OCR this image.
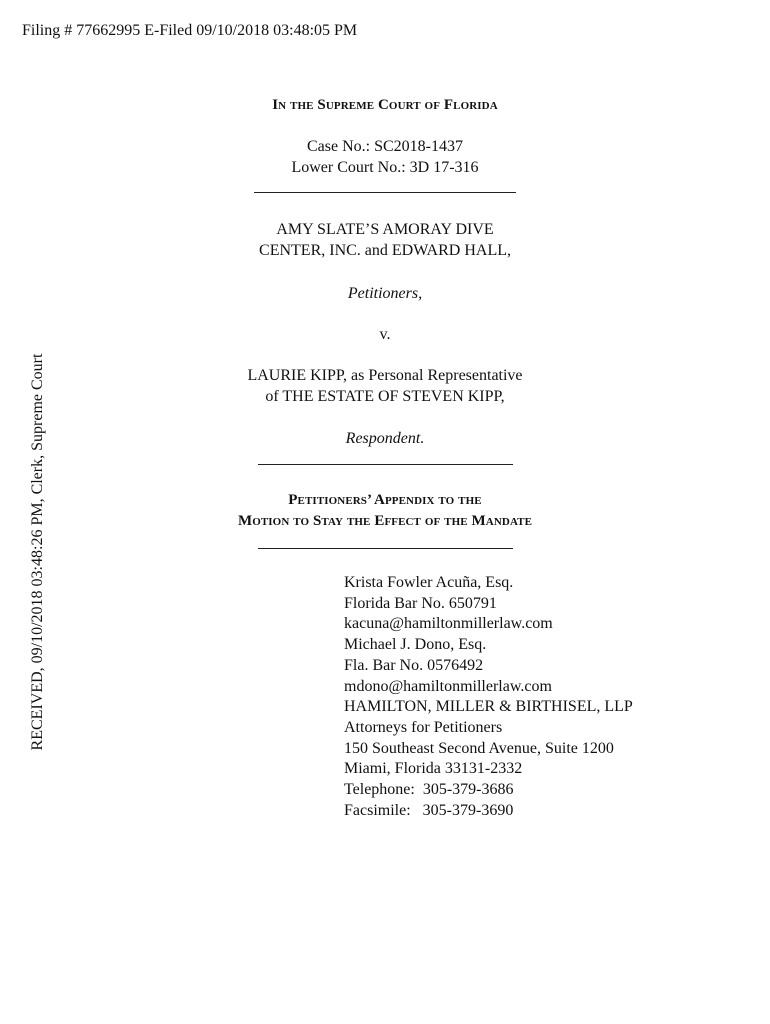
Filing # 77662995 E-Filed 09/10/2018 03:48:05 PM
RECEIVED, 09/10/2018 03:48:26 PM, Clerk, Supreme Court
In the Supreme Court of Florida
Case No.: SC2018-1437
Lower Court No.: 3D 17-316
AMY SLATE’S AMORAY DIVE
CENTER, INC. and EDWARD HALL,
Petitioners,
v.
LAURIE KIPP, as Personal Representative
of THE ESTATE OF STEVEN KIPP,
Respondent.
Petitioners’ Appendix to the
Motion to Stay the Effect of the Mandate
Krista Fowler Acuña, Esq.
Florida Bar No. 650791
kacuna@hamiltonmillerlaw.com
Michael J. Dono, Esq.
Fla. Bar No. 0576492
mdono@hamiltonmillerlaw.com
HAMILTON, MILLER & BIRTHISEL, LLP
Attorneys for Petitioners
150 Southeast Second Avenue, Suite 1200
Miami, Florida 33131-2332
Telephone:  305-379-3686
Facsimile:   305-379-3690
